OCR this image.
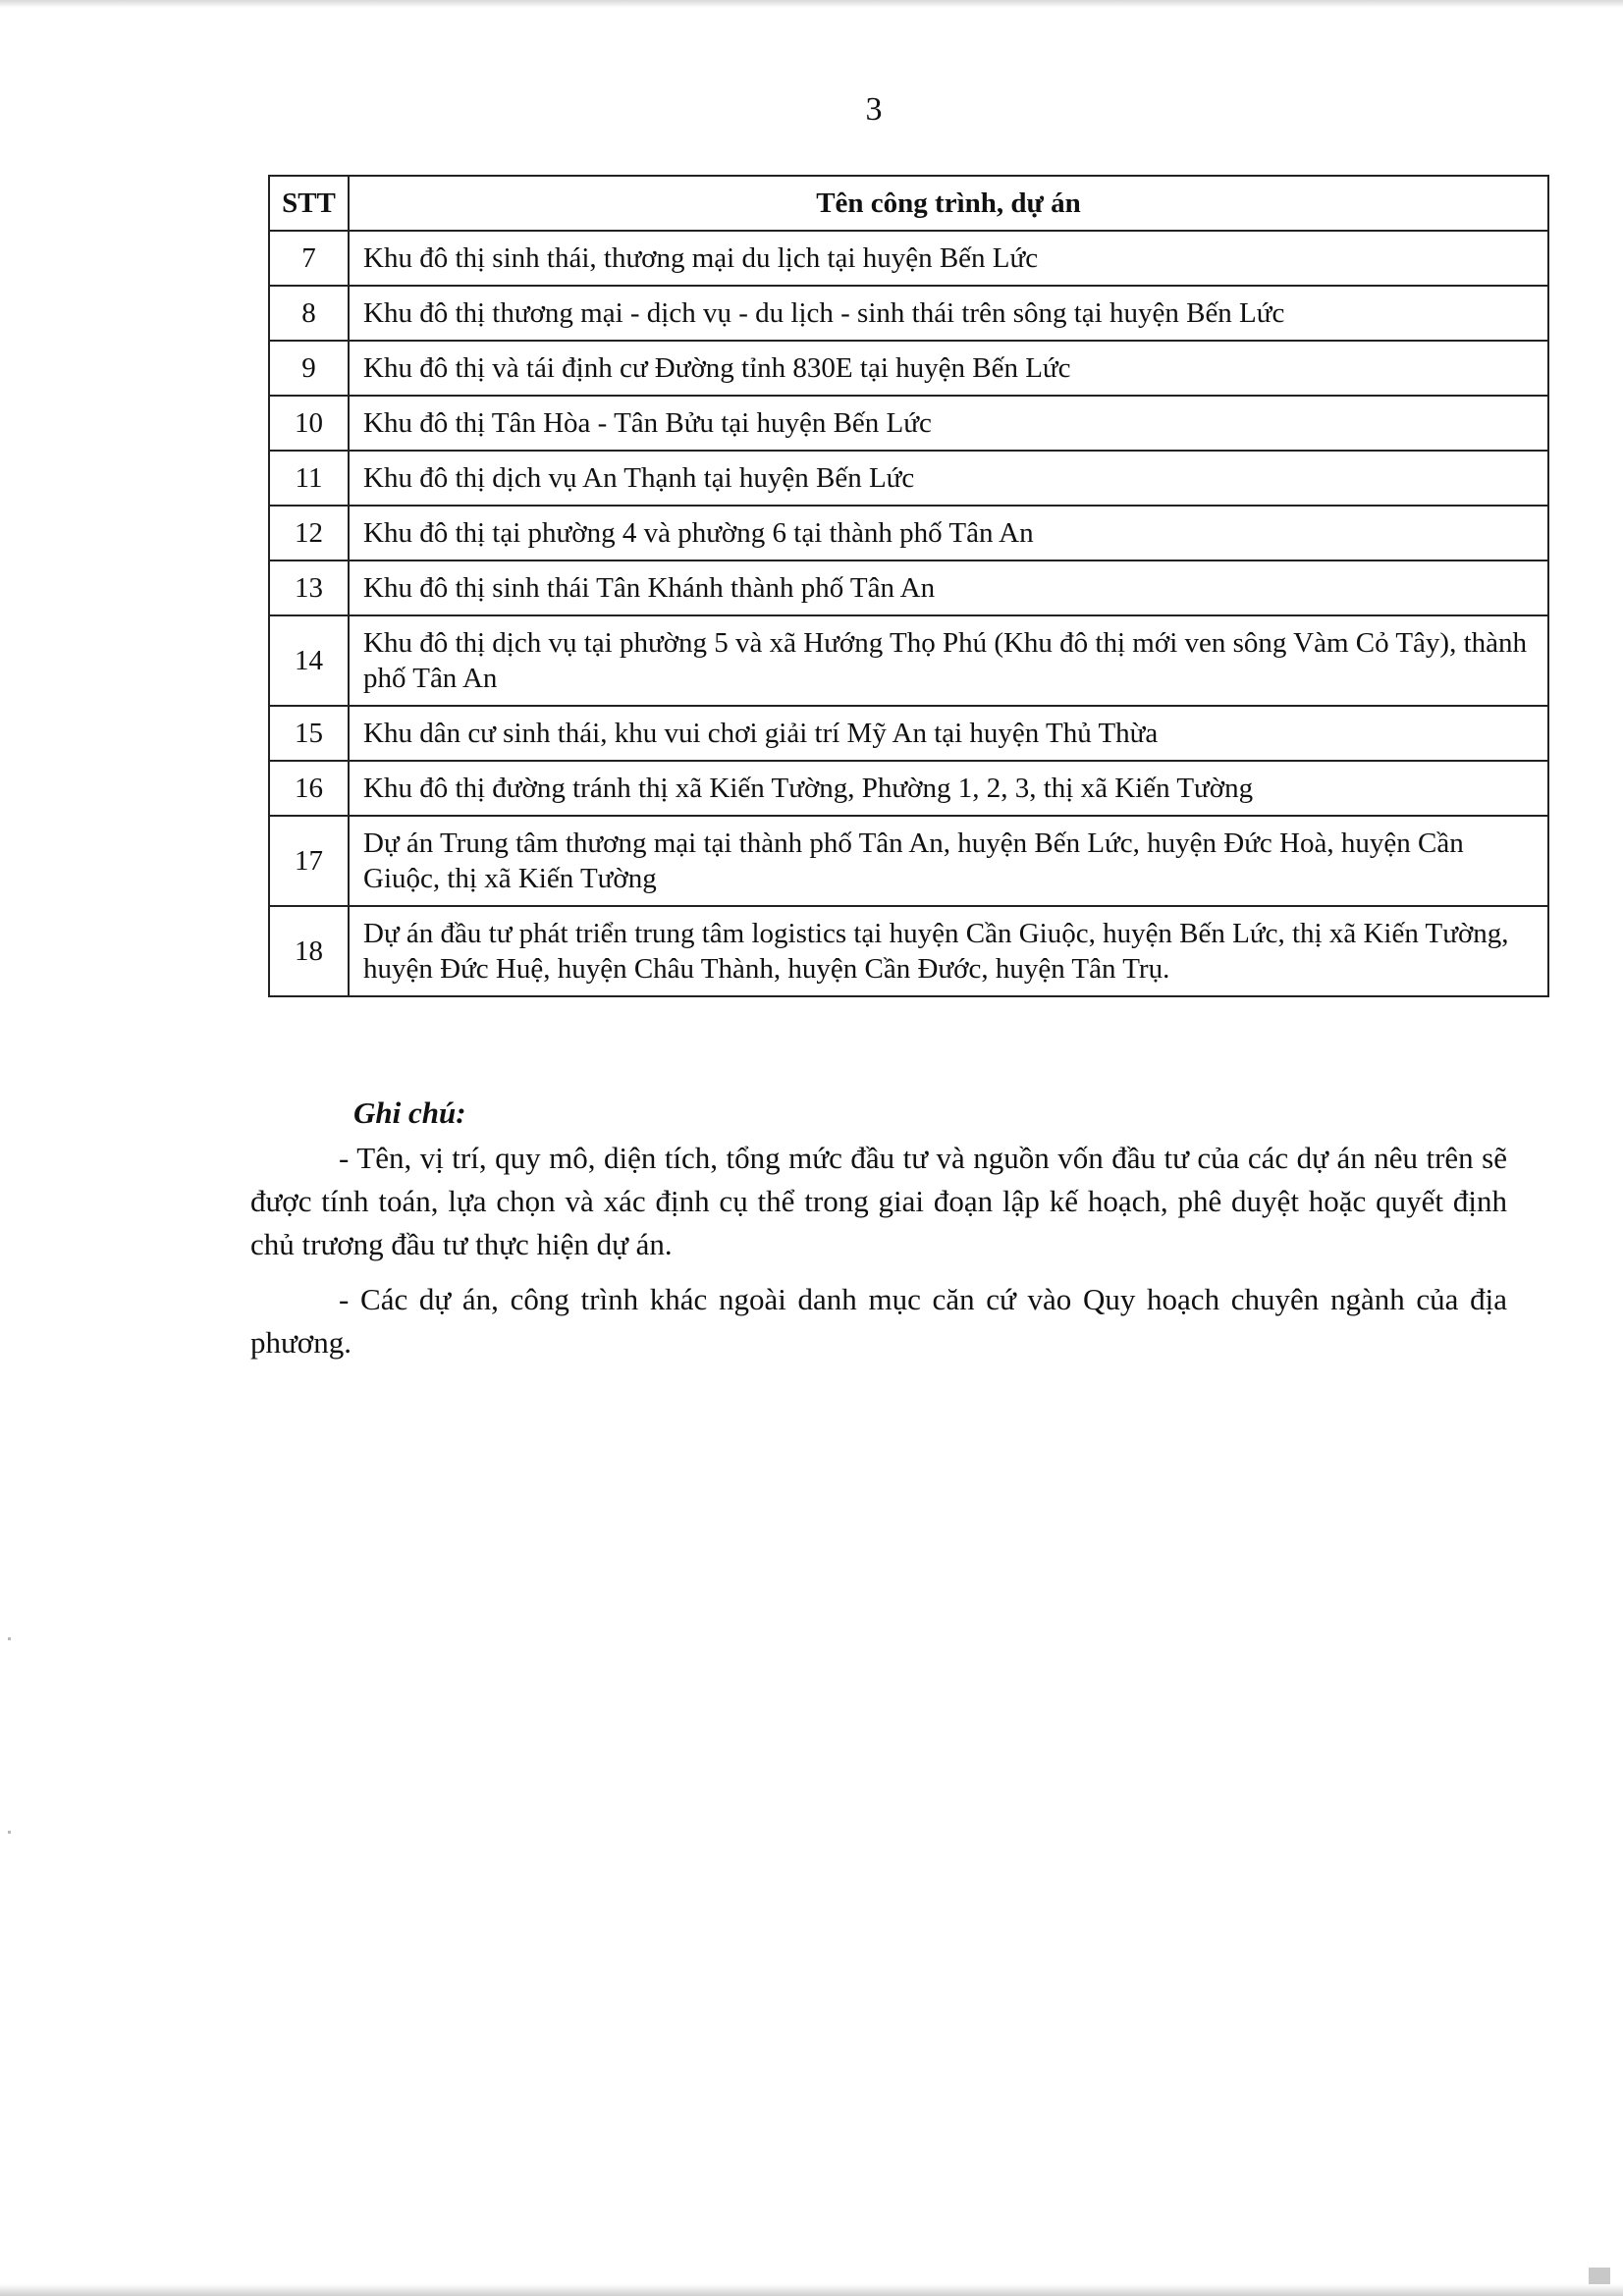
3
STT	Tên công trình, dự án
7	Khu đô thị sinh thái, thương mại du lịch tại huyện Bến Lức
8	Khu đô thị thương mại - dịch vụ - du lịch - sinh thái trên sông tại huyện Bến Lức
9	Khu đô thị và tái định cư Đường tỉnh 830E tại huyện Bến Lức
10	Khu đô thị Tân Hòa - Tân Bửu tại huyện Bến Lức
11	Khu đô thị dịch vụ An Thạnh tại huyện Bến Lức
12	Khu đô thị tại phường 4 và phường 6 tại thành phố Tân An
13	Khu đô thị sinh thái Tân Khánh thành phố Tân An
14	Khu đô thị dịch vụ tại phường 5 và xã Hướng Thọ Phú (Khu đô thị mới ven sông Vàm Cỏ Tây), thành phố Tân An
15	Khu dân cư sinh thái, khu vui chơi giải trí Mỹ An tại huyện Thủ Thừa
16	Khu đô thị đường tránh thị xã Kiến Tường, Phường 1, 2, 3, thị xã Kiến Tường
17	Dự án Trung tâm thương mại tại thành phố Tân An, huyện Bến Lức, huyện Đức Hoà, huyện Cần Giuộc, thị xã Kiến Tường
18	Dự án đầu tư phát triển trung tâm logistics tại huyện Cần Giuộc, huyện Bến Lức, thị xã Kiến Tường, huyện Đức Huệ, huyện Châu Thành, huyện Cần Đước, huyện Tân Trụ.
Ghi chú:

- Tên, vị trí, quy mô, diện tích, tổng mức đầu tư và nguồn vốn đầu tư của các dự án nêu trên sẽ được tính toán, lựa chọn và xác định cụ thể trong giai đoạn lập kế hoạch, phê duyệt hoặc quyết định chủ trương đầu tư thực hiện dự án.

- Các dự án, công trình khác ngoài danh mục căn cứ vào Quy hoạch chuyên ngành của địa phương.
